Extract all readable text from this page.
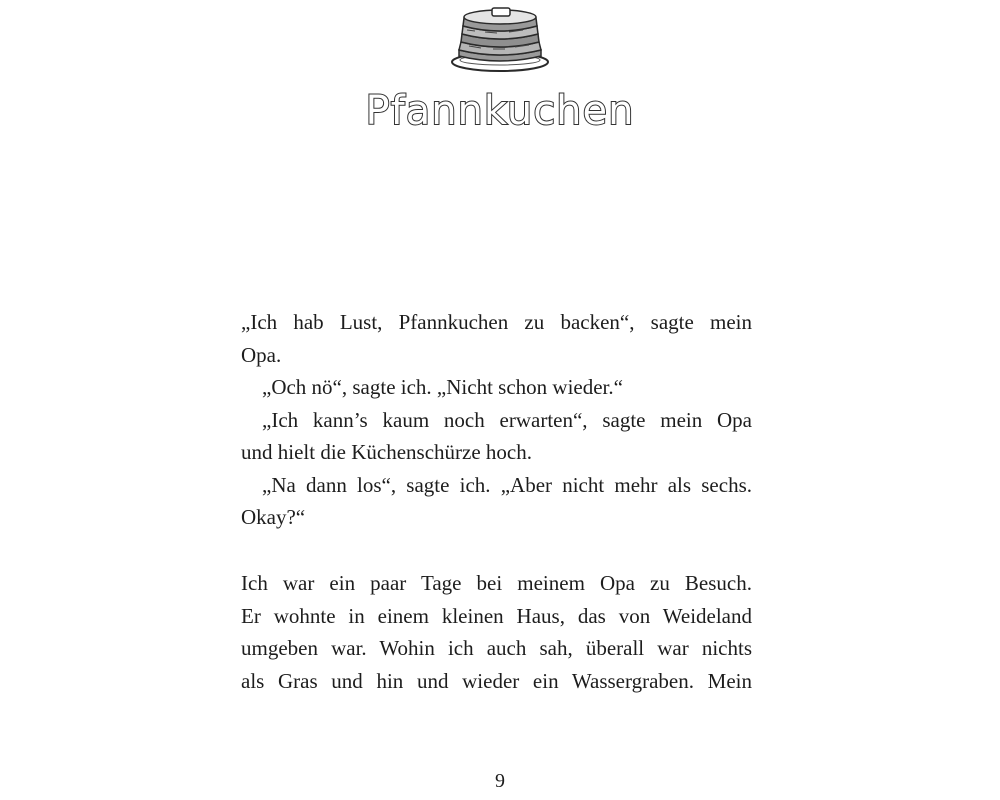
Pfannkuchen
„Ich hab Lust, Pfannkuchen zu backen“, sagte mein
Opa.
„Och nö“, sagte ich. „Nicht schon wieder.“
„Ich kann’s kaum noch erwarten“, sagte mein Opa
und hielt die Küchenschürze hoch.
„Na dann los“, sagte ich. „Aber nicht mehr als sechs.
Okay?“
Ich war ein paar Tage bei meinem Opa zu Besuch.
Er wohnte in einem kleinen Haus, das von Weideland
umgeben war. Wohin ich auch sah, überall war nichts
als Gras und hin und wieder ein Wassergraben. Mein

9
